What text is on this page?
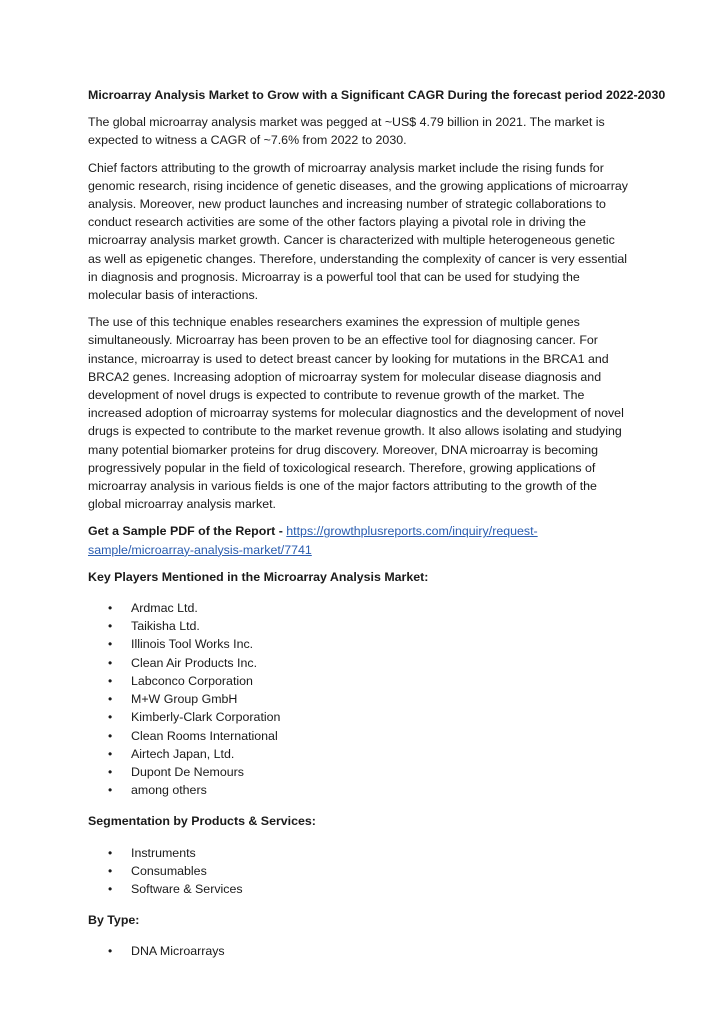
Microarray Analysis Market to Grow with a Significant CAGR During the forecast period 2022-2030

The global microarray analysis market was pegged at ~US$ 4.79 billion in 2021. The market is expected to witness a CAGR of ~7.6% from 2022 to 2030.

Chief factors attributing to the growth of microarray analysis market include the rising funds for genomic research, rising incidence of genetic diseases, and the growing applications of microarray analysis. Moreover, new product launches and increasing number of strategic collaborations to conduct research activities are some of the other factors playing a pivotal role in driving the microarray analysis market growth. Cancer is characterized with multiple heterogeneous genetic as well as epigenetic changes. Therefore, understanding the complexity of cancer is very essential in diagnosis and prognosis. Microarray is a powerful tool that can be used for studying the molecular basis of interactions.

The use of this technique enables researchers examines the expression of multiple genes simultaneously. Microarray has been proven to be an effective tool for diagnosing cancer. For instance, microarray is used to detect breast cancer by looking for mutations in the BRCA1 and BRCA2 genes. Increasing adoption of microarray system for molecular disease diagnosis and development of novel drugs is expected to contribute to revenue growth of the market. The increased adoption of microarray systems for molecular diagnostics and the development of novel drugs is expected to contribute to the market revenue growth. It also allows isolating and studying many potential biomarker proteins for drug discovery. Moreover, DNA microarray is becoming progressively popular in the field of toxicological research. Therefore, growing applications of microarray analysis in various fields is one of the major factors attributing to the growth of the global microarray analysis market.

Get a Sample PDF of the Report - https://growthplusreports.com/inquiry/request-sample/microarray-analysis-market/7741
Key Players Mentioned in the Microarray Analysis Market:
• Ardmac Ltd.
• Taikisha Ltd.
• Illinois Tool Works Inc.
• Clean Air Products Inc.
• Labconco Corporation
• M+W Group GmbH
• Kimberly-Clark Corporation
• Clean Rooms International
• Airtech Japan, Ltd.
• Dupont De Nemours
• among others
Segmentation by Products & Services:
• Instruments
• Consumables
• Software & Services
By Type:
• DNA Microarrays
